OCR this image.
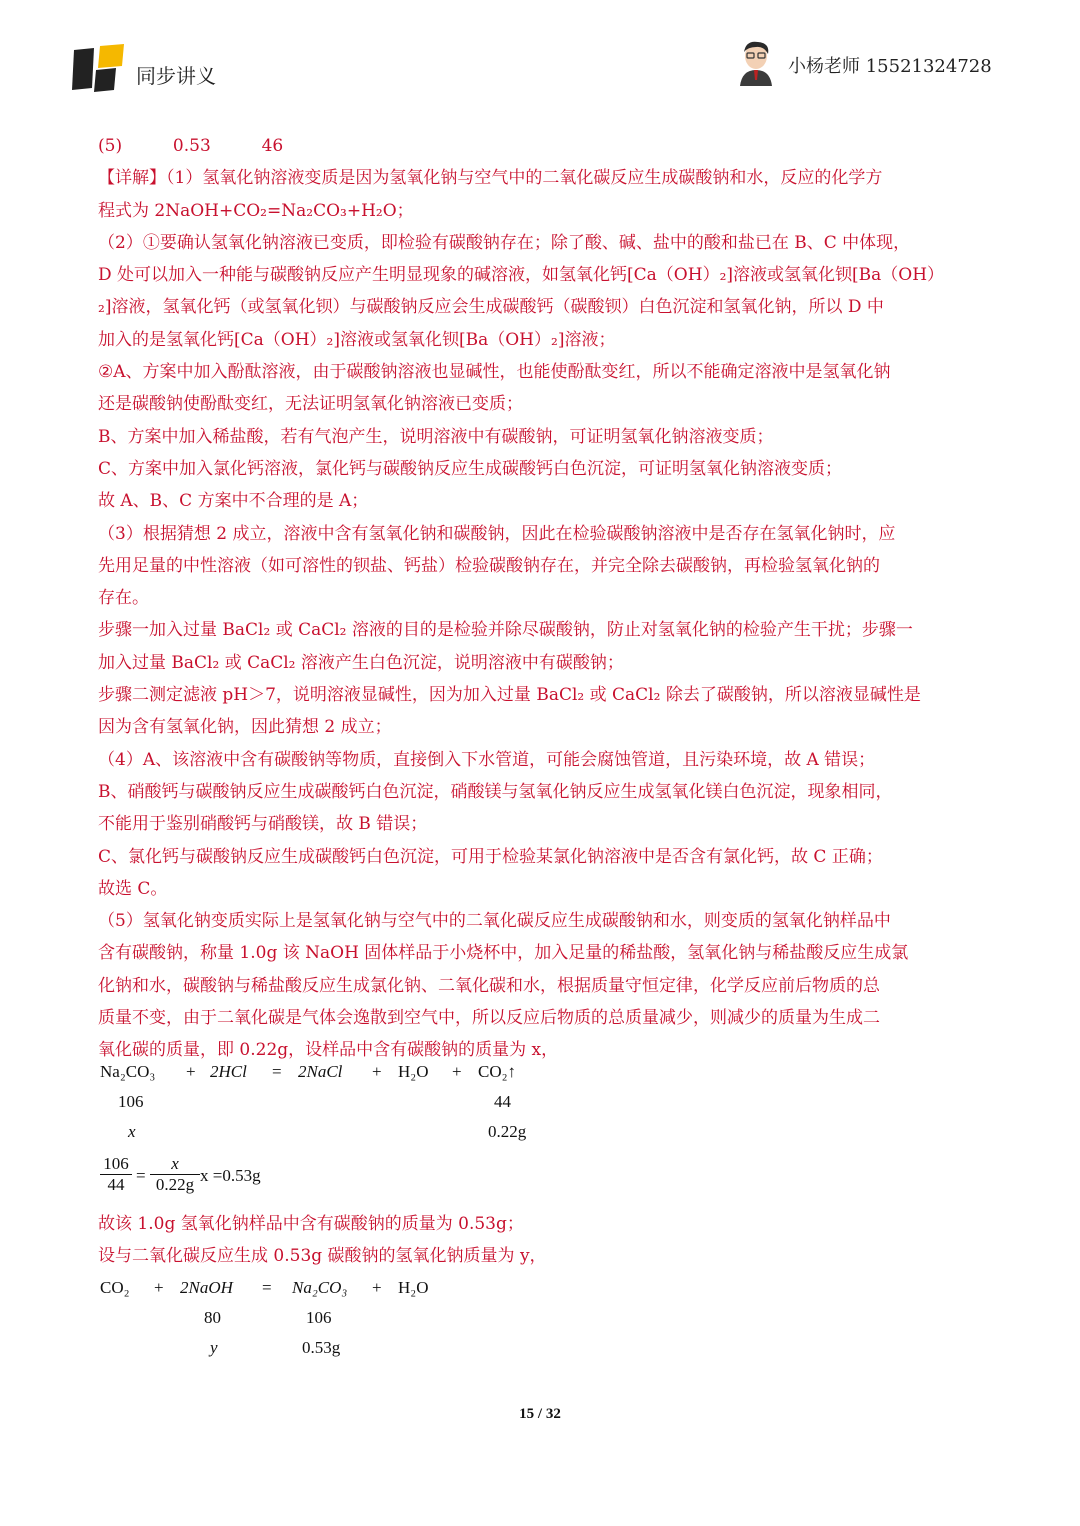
同步讲义	小杨老师 15521324728
(5)	0.53	46
【详解】（1）氢氧化钠溶液变质是因为氢氧化钠与空气中的二氧化碳反应生成碳酸钠和水，反应的化学方
程式为 2NaOH+CO₂=Na₂CO₃+H₂O；
（2）①要确认氢氧化钠溶液已变质，即检验有碳酸钠存在；除了酸、碱、盐中的酸和盐已在 B、C 中体现，
D 处可以加入一种能与碳酸钠反应产生明显现象的碱溶液，如氢氧化钙[Ca（OH）₂]溶液或氢氧化钡[Ba（OH）
₂]溶液，氢氧化钙（或氢氧化钡）与碳酸钠反应会生成碳酸钙（碳酸钡）白色沉淀和氢氧化钠，所以 D 中
加入的是氢氧化钙[Ca（OH）₂]溶液或氢氧化钡[Ba（OH）₂]溶液；
②A、方案中加入酚酞溶液，由于碳酸钠溶液也显碱性，也能使酚酞变红，所以不能确定溶液中是氢氧化钠
还是碳酸钠使酚酞变红，无法证明氢氧化钠溶液已变质；
B、方案中加入稀盐酸，若有气泡产生，说明溶液中有碳酸钠，可证明氢氧化钠溶液变质；
C、方案中加入氯化钙溶液，氯化钙与碳酸钠反应生成碳酸钙白色沉淀，可证明氢氧化钠溶液变质；
故 A、B、C 方案中不合理的是 A；
（3）根据猜想 2 成立，溶液中含有氢氧化钠和碳酸钠，因此在检验碳酸钠溶液中是否存在氢氧化钠时，应
先用足量的中性溶液（如可溶性的钡盐、钙盐）检验碳酸钠存在，并完全除去碳酸钠，再检验氢氧化钠的
存在。
步骤一加入过量 BaCl₂ 或 CaCl₂ 溶液的目的是检验并除尽碳酸钠，防止对氢氧化钠的检验产生干扰；步骤一
加入过量 BaCl₂ 或 CaCl₂ 溶液产生白色沉淀，说明溶液中有碳酸钠；
步骤二测定滤液 pH＞7，说明溶液显碱性，因为加入过量 BaCl₂ 或 CaCl₂ 除去了碳酸钠，所以溶液显碱性是
因为含有氢氧化钠，因此猜想 2 成立；
（4）A、该溶液中含有碳酸钠等物质，直接倒入下水管道，可能会腐蚀管道，且污染环境，故 A 错误；
B、硝酸钙与碳酸钠反应生成碳酸钙白色沉淀，硝酸镁与氢氧化钠反应生成氢氧化镁白色沉淀，现象相同，
不能用于鉴别硝酸钙与硝酸镁，故 B 错误；
C、氯化钙与碳酸钠反应生成碳酸钙白色沉淀，可用于检验某氯化钠溶液中是否含有氯化钙，故 C 正确；
故选 C。
（5）氢氧化钠变质实际上是氢氧化钠与空气中的二氧化碳反应生成碳酸钠和水，则变质的氢氧化钠样品中
含有碳酸钠，称量 1.0g 该 NaOH 固体样品于小烧杯中，加入足量的稀盐酸，氢氧化钠与稀盐酸反应生成氯
化钠和水，碳酸钠与稀盐酸反应生成氯化钠、二氧化碳和水，根据质量守恒定律，化学反应前后物质的总
质量不变，由于二氧化碳是气体会逸散到空气中，所以反应后物质的总质量减少，则减少的质量为生成二
氧化碳的质量，即 0.22g，设样品中含有碳酸钠的质量为 x，
Na₂CO₃ + 2HCl = 2NaCl + H₂O + CO₂↑
106	44
x	0.22g
$\frac{106}{44} = \frac{x}{0.22g}$ x =0.53g
故该 1.0g 氢氧化钠样品中含有碳酸钠的质量为 0.53g；
设与二氧化碳反应生成 0.53g 碳酸钠的氢氧化钠质量为 y，
CO₂ + 2NaOH = Na₂CO₃ + H₂O
80	106
y	0.53g
15 / 32
